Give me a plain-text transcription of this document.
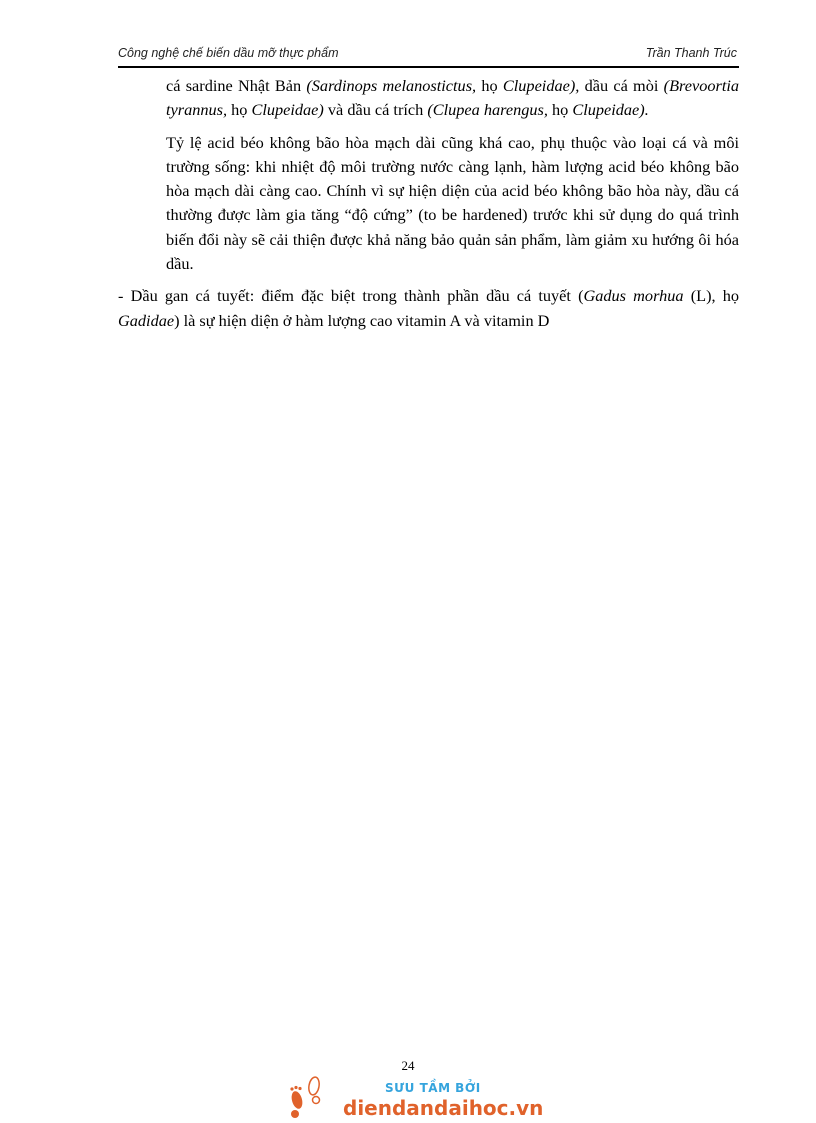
Công nghệ chế biến dầu mỡ thực phẩm	Trần Thanh Trúc

cá sardine Nhật Bản (Sardinops melanostictus, họ Clupeidae), dầu cá mòi (Brevoortia tyrannus, họ Clupeidae) và dầu cá trích (Clupea harengus, họ Clupeidae).

Tỷ lệ acid béo không bão hòa mạch dài cũng khá cao, phụ thuộc vào loại cá và môi trường sống: khi nhiệt độ môi trường nước càng lạnh, hàm lượng acid béo không bão hòa mạch dài càng cao. Chính vì sự hiện diện của acid béo không bão hòa này, dầu cá thường được làm gia tăng “độ cứng” (to be hardened) trước khi sử dụng do quá trình biến đổi này sẽ cải thiện được khả năng bảo quản sản phẩm, làm giảm xu hướng ôi hóa dầu.

- Dầu gan cá tuyết: điểm đặc biệt trong thành phần dầu cá tuyết (Gadus morhua (L), họ Gadidae) là sự hiện diện ở hàm lượng cao vitamin A và vitamin D

24
SƯU TẦM BỞI
diendandaihoc.vn
